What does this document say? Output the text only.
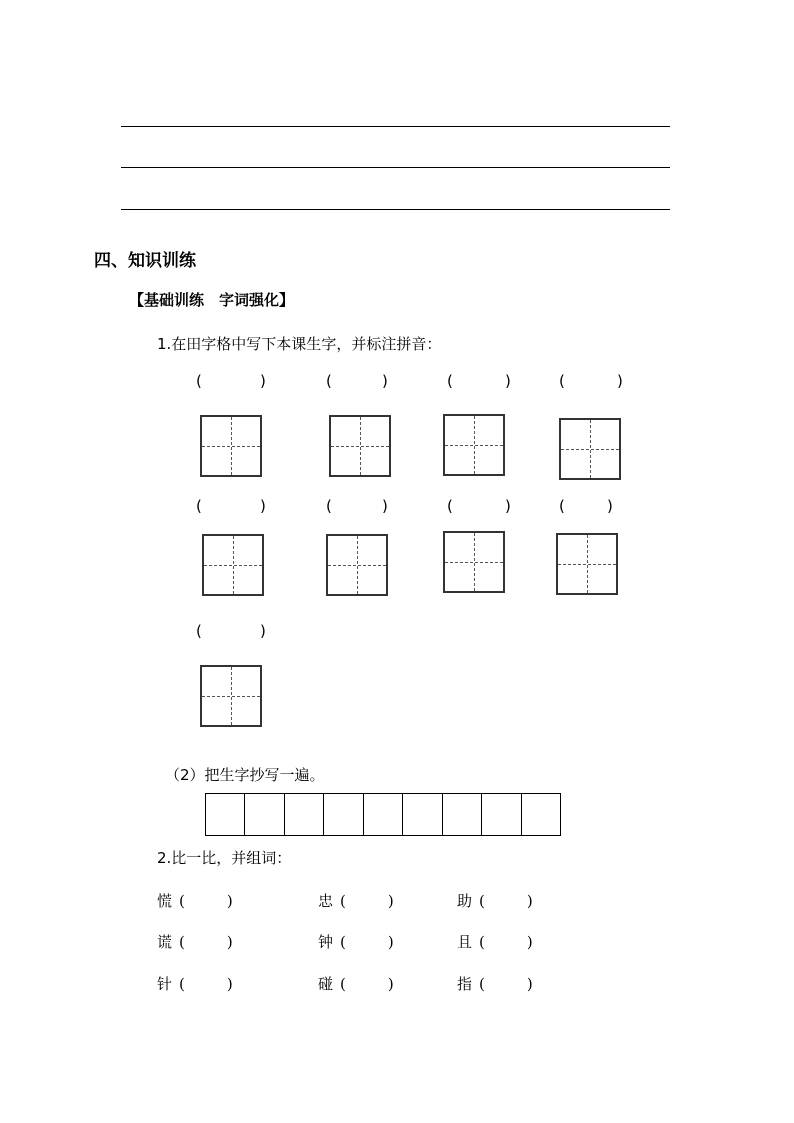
四、知识训练
【基础训练　字词强化】
1.在田字格中写下本课生字，并标注拼音：
(	)	(	)	(	)	(	)
(	)	(	)	(	)	(	)
(	)
（2）把生字抄写一遍。
2.比一比，并组词：
慌 (	)	忠 (	)	助 (	)
谎 (	)	钟 (	)	且 (	)
针 (	)	碰 (	)	指 (	)
